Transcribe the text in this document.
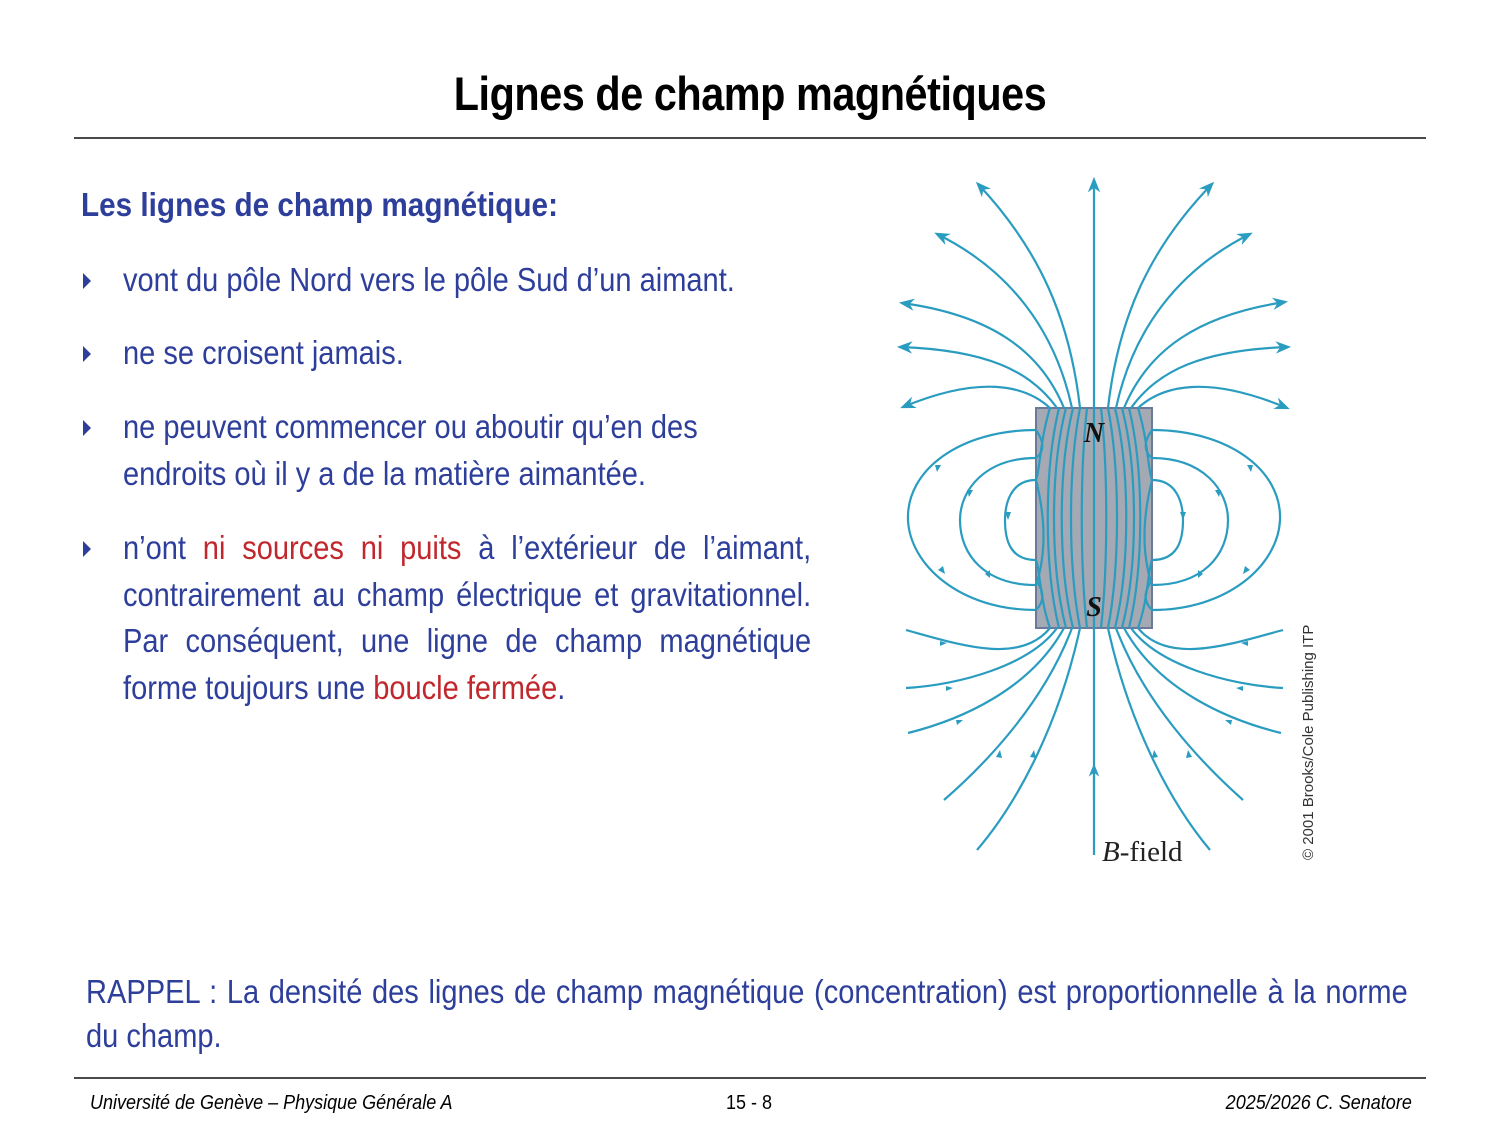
Lignes de champ magnétiques
Les lignes de champ magnétique:
vont du pôle Nord vers le pôle Sud d’un aimant.
ne se croisent jamais.
ne peuvent commencer ou aboutir qu’en des endroits où il y a de la matière aimantée.
n’ont ni sources ni puits à l’extérieur de l’aimant, contrairement au champ électrique et gravitationnel. Par conséquent, une ligne de champ magnétique forme toujours une boucle fermée.
N
S
B-field	© 2001 Brooks/Cole Publishing ITP
RAPPEL : La densité des lignes de champ magnétique (concentration) est proportionnelle à la norme du champ.
Université de Genève – Physique Générale A	15 - 8	2025/2026 C. Senatore
